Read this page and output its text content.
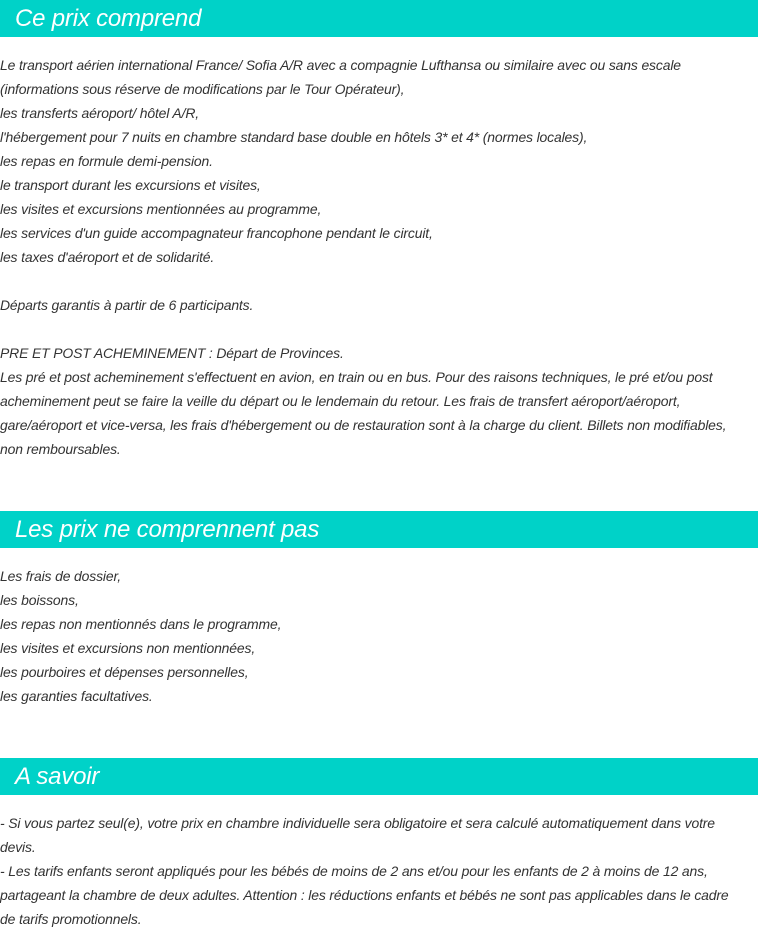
Ce prix comprend

Le transport aérien international France/ Sofia A/R avec a compagnie Lufthansa ou similaire avec ou sans escale
(informations sous réserve de modifications par le Tour Opérateur),
les transferts aéroport/ hôtel A/R,
l'hébergement pour 7 nuits en chambre standard base double en hôtels 3* et 4* (normes locales),
les repas en formule demi-pension.
le transport durant les excursions et visites,
les visites et excursions mentionnées au programme,
les services d'un guide accompagnateur francophone pendant le circuit,
les taxes d'aéroport et de solidarité.

Départs garantis à partir de 6 participants.

PRE ET POST ACHEMINEMENT : Départ de Provinces.
Les pré et post acheminement s'effectuent en avion, en train ou en bus. Pour des raisons techniques, le pré et/ou post
acheminement peut se faire la veille du départ ou le lendemain du retour. Les frais de transfert aéroport/aéroport,
gare/aéroport et vice-versa, les frais d'hébergement ou de restauration sont à la charge du client. Billets non modifiables,
non remboursables.

Les prix ne comprennent pas

Les frais de dossier,
les boissons,
les repas non mentionnés dans le programme,
les visites et excursions non mentionnées,
les pourboires et dépenses personnelles,
les garanties facultatives.

A savoir

- Si vous partez seul(e), votre prix en chambre individuelle sera obligatoire et sera calculé automatiquement dans votre
devis.
- Les tarifs enfants seront appliqués pour les bébés de moins de 2 ans et/ou pour les enfants de 2 à moins de 12 ans,
partageant la chambre de deux adultes. Attention : les réductions enfants et bébés ne sont pas applicables dans le cadre
de tarifs promotionnels.
